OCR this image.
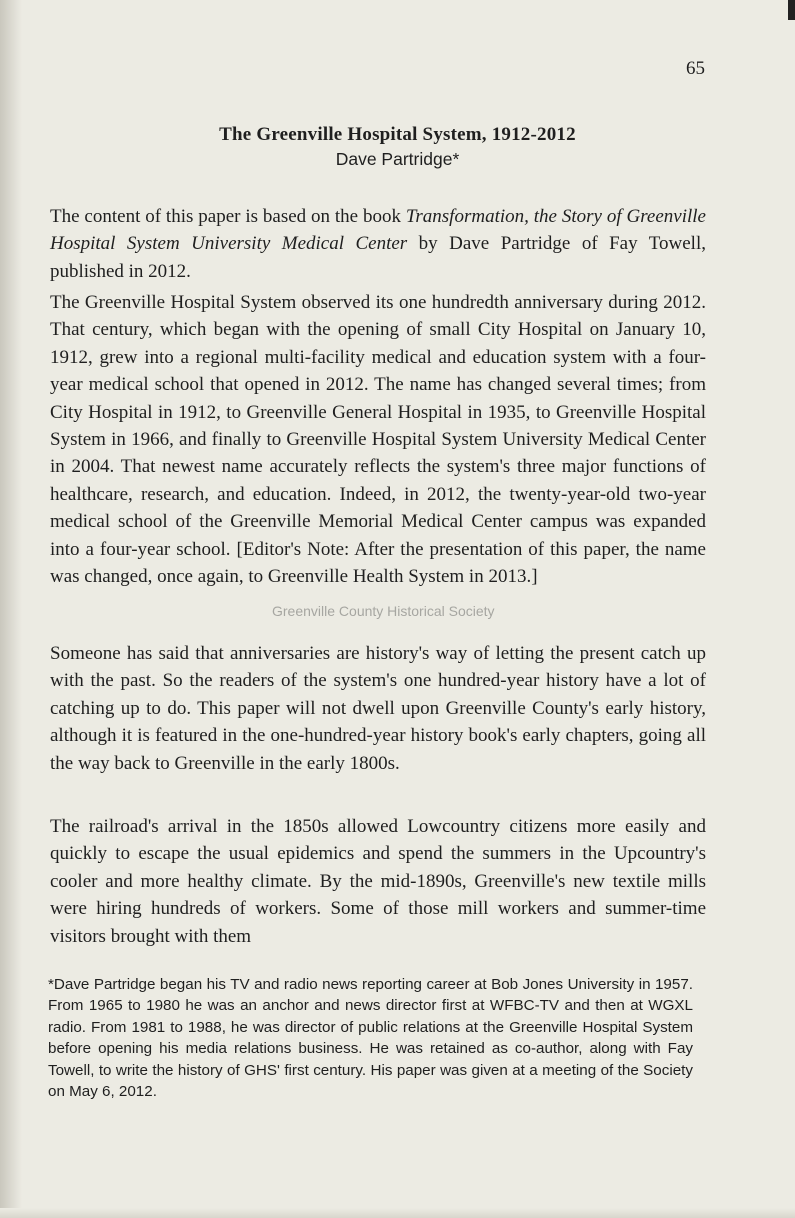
65
The Greenville Hospital System, 1912-2012
Dave Partridge*

The content of this paper is based on the book Transformation, the Story of Greenville Hospital System University Medical Center by Dave Partridge of Fay Towell, published in 2012.

The Greenville Hospital System observed its one hundredth anniversary during 2012. That century, which began with the opening of small City Hospital on January 10, 1912, grew into a regional multi-facility medical and education system with a four-year medical school that opened in 2012. The name has changed several times; from City Hospital in 1912, to Greenville General Hospital in 1935, to Greenville Hospital System in 1966, and finally to Greenville Hospital System University Medical Center in 2004. That newest name accurately reflects the system's three major functions of healthcare, research, and education. Indeed, in 2012, the twenty-year-old two-year medical school of the Greenville Memorial Medical Center campus was expanded into a four-year school. [Editor's Note: After the presentation of this paper, the name was changed, once again, to Greenville Health System in 2013.]

Greenville County Historical Society

Someone has said that anniversaries are history's way of letting the present catch up with the past. So the readers of the system's one hundred-year history have a lot of catching up to do. This paper will not dwell upon Greenville County's early history, although it is featured in the one-hundred-year history book's early chapters, going all the way back to Greenville in the early 1800s.

The railroad's arrival in the 1850s allowed Lowcountry citizens more easily and quickly to escape the usual epidemics and spend the summers in the Upcountry's cooler and more healthy climate. By the mid-1890s, Greenville's new textile mills were hiring hundreds of workers. Some of those mill workers and summer-time visitors brought with them

*Dave Partridge began his TV and radio news reporting career at Bob Jones University in 1957. From 1965 to 1980 he was an anchor and news director first at WFBC-TV and then at WGXL radio. From 1981 to 1988, he was director of public relations at the Greenville Hospital System before opening his media relations business. He was retained as co-author, along with Fay Towell, to write the history of GHS' first century. His paper was given at a meeting of the Society on May 6, 2012.
